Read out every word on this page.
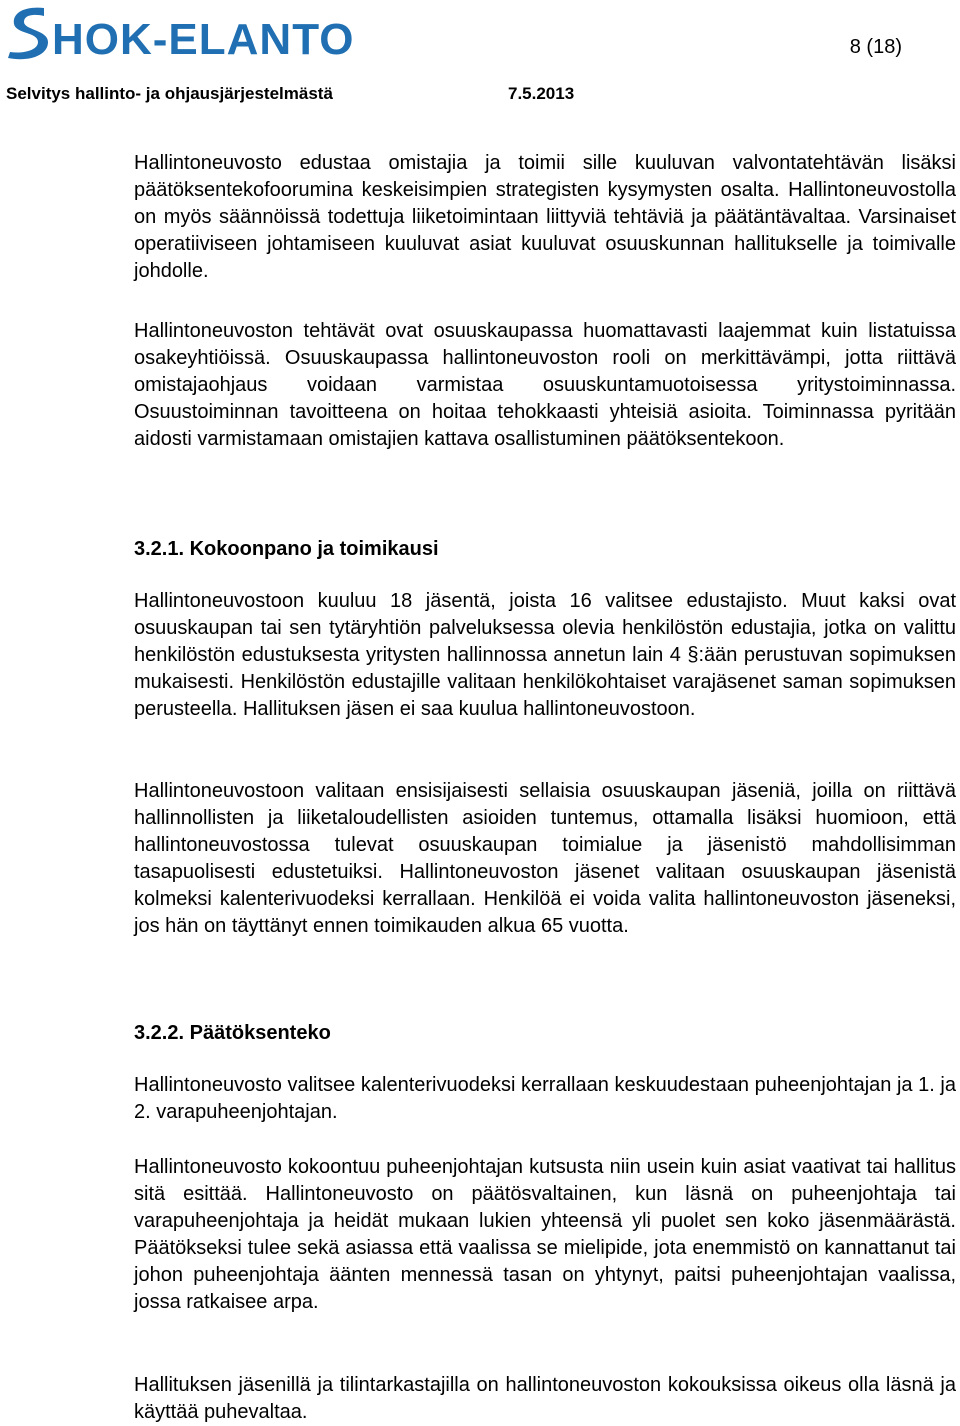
HOK-ELANTO	8 (18)
Selvitys hallinto- ja ohjausjärjestelmästä	7.5.2013

Hallintoneuvosto edustaa omistajia ja toimii sille kuuluvan valvontatehtävän lisäksi päätöksentekofoorumina keskeisimpien strategisten kysymysten osalta. Hallintoneuvostolla on myös säännöissä todettuja liiketoimintaan liittyviä tehtäviä ja päätäntävaltaa. Varsinaiset operatiiviseen johtamiseen kuuluvat asiat kuuluvat osuuskunnan hallitukselle ja toimivalle johdolle.

Hallintoneuvoston tehtävät ovat osuuskaupassa huomattavasti laajemmat kuin listatuissa osakeyhtiöissä. Osuuskaupassa hallintoneuvoston rooli on merkittävämpi, jotta riittävä omistajaohjaus voidaan varmistaa osuuskuntamuotoisessa yritystoiminnassa. Osuustoiminnan tavoitteena on hoitaa tehokkaasti yhteisiä asioita. Toiminnassa pyritään aidosti varmistamaan omistajien kattava osallistuminen päätöksentekoon.

3.2.1. Kokoonpano ja toimikausi

Hallintoneuvostoon kuuluu 18 jäsentä, joista 16 valitsee edustajisto. Muut kaksi ovat osuuskaupan tai sen tytäryhtiön palveluksessa olevia henkilöstön edustajia, jotka on valittu henkilöstön edustuksesta yritysten hallinnossa annetun lain 4 §:ään perustuvan sopimuksen mukaisesti. Henkilöstön edustajille valitaan henkilökohtaiset varajäsenet saman sopimuksen perusteella. Hallituksen jäsen ei saa kuulua hallintoneuvostoon.

Hallintoneuvostoon valitaan ensisijaisesti sellaisia osuuskaupan jäseniä, joilla on riittävä hallinnollisten ja liiketaloudellisten asioiden tuntemus, ottamalla lisäksi huomioon, että hallintoneuvostossa tulevat osuuskaupan toimialue ja jäsenistö mahdollisimman tasapuolisesti edustetuiksi. Hallintoneuvoston jäsenet valitaan osuuskaupan jäsenistä kolmeksi kalenterivuodeksi kerrallaan. Henkilöä ei voida valita hallintoneuvoston jäseneksi, jos hän on täyttänyt ennen toimikauden alkua 65 vuotta.

3.2.2. Päätöksenteko

Hallintoneuvosto valitsee kalenterivuodeksi kerrallaan keskuudestaan puheenjohtajan ja 1. ja 2. varapuheenjohtajan.

Hallintoneuvosto kokoontuu puheenjohtajan kutsusta niin usein kuin asiat vaativat tai hallitus sitä esittää. Hallintoneuvosto on päätösvaltainen, kun läsnä on puheenjohtaja tai varapuheenjohtaja ja heidät mukaan lukien yhteensä yli puolet sen koko jäsenmäärästä. Päätökseksi tulee sekä asiassa että vaalissa se mielipide, jota enemmistö on kannattanut tai johon puheenjohtaja äänten mennessä tasan on yhtynyt, paitsi puheenjohtajan vaalissa, jossa ratkaisee arpa.

Hallituksen jäsenillä ja tilintarkastajilla on hallintoneuvoston kokouksissa oikeus olla läsnä ja käyttää puhevaltaa.
